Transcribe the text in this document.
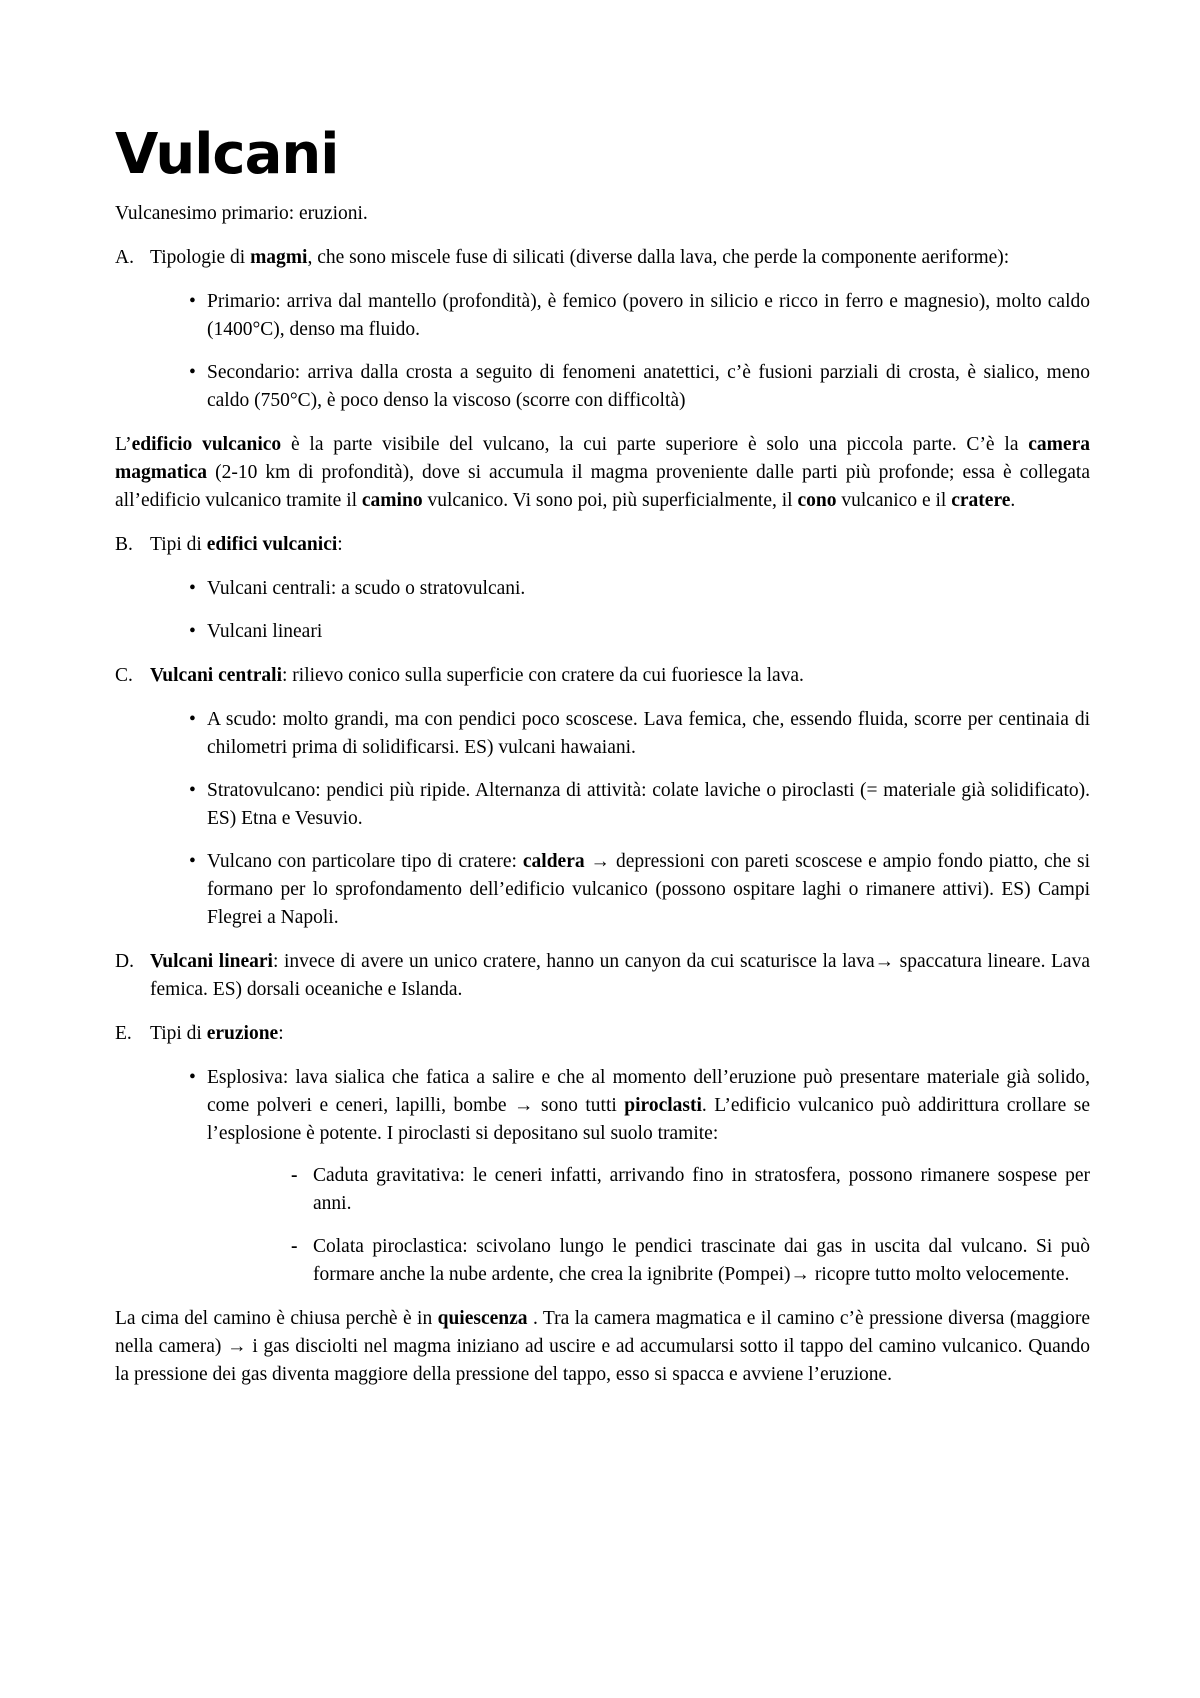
Vulcani

Vulcanesimo primario: eruzioni.

A. Tipologie di magmi, che sono miscele fuse di silicati (diverse dalla lava, che perde la componente aeriforme):
• Primario: arriva dal mantello (profondità), è femico (povero in silicio e ricco in ferro e magnesio), molto caldo (1400°C), denso ma fluido.
• Secondario: arriva dalla crosta a seguito di fenomeni anatettici, c’è fusioni parziali di crosta, è sialico, meno caldo (750°C), è poco denso la viscoso (scorre con difficoltà)

L’edificio vulcanico è la parte visibile del vulcano, la cui parte superiore è solo una piccola parte. C’è la camera magmatica (2-10 km di profondità), dove si accumula il magma proveniente dalle parti più profonde; essa è collegata all’edificio vulcanico tramite il camino vulcanico. Vi sono poi, più superficialmente, il cono vulcanico e il cratere.

B. Tipi di edifici vulcanici:
• Vulcani centrali: a scudo o stratovulcani.
• Vulcani lineari
C. Vulcani centrali: rilievo conico sulla superficie con cratere da cui fuoriesce la lava.
• A scudo: molto grandi, ma con pendici poco scoscese. Lava femica, che, essendo fluida, scorre per centinaia di chilometri prima di solidificarsi. ES) vulcani hawaiani.
• Stratovulcano: pendici più ripide. Alternanza di attività: colate laviche o piroclasti (= materiale già solidificato). ES) Etna e Vesuvio.
• Vulcano con particolare tipo di cratere: caldera → depressioni con pareti scoscese e ampio fondo piatto, che si formano per lo sprofondamento dell’edificio vulcanico (possono ospitare laghi o rimanere attivi). ES) Campi Flegrei a Napoli.
D. Vulcani lineari: invece di avere un unico cratere, hanno un canyon da cui scaturisce la lava→ spaccatura lineare. Lava femica. ES) dorsali oceaniche e Islanda.
E. Tipi di eruzione:
• Esplosiva: lava sialica che fatica a salire e che al momento dell’eruzione può presentare materiale già solido, come polveri e ceneri, lapilli, bombe → sono tutti piroclasti. L’edificio vulcanico può addirittura crollare se l’esplosione è potente. I piroclasti si depositano sul suolo tramite:
- Caduta gravitativa: le ceneri infatti, arrivando fino in stratosfera, possono rimanere sospese per anni.
- Colata piroclastica: scivolano lungo le pendici trascinate dai gas in uscita dal vulcano. Si può formare anche la nube ardente, che crea la ignibrite (Pompei)→ ricopre tutto molto velocemente.

La cima del camino è chiusa perchè è in quiescenza . Tra la camera magmatica e il camino c’è pressione diversa (maggiore nella camera) → i gas disciolti nel magma iniziano ad uscire e ad accumularsi sotto il tappo del camino vulcanico. Quando la pressione dei gas diventa maggiore della pressione del tappo, esso si spacca e avviene l’eruzione.
